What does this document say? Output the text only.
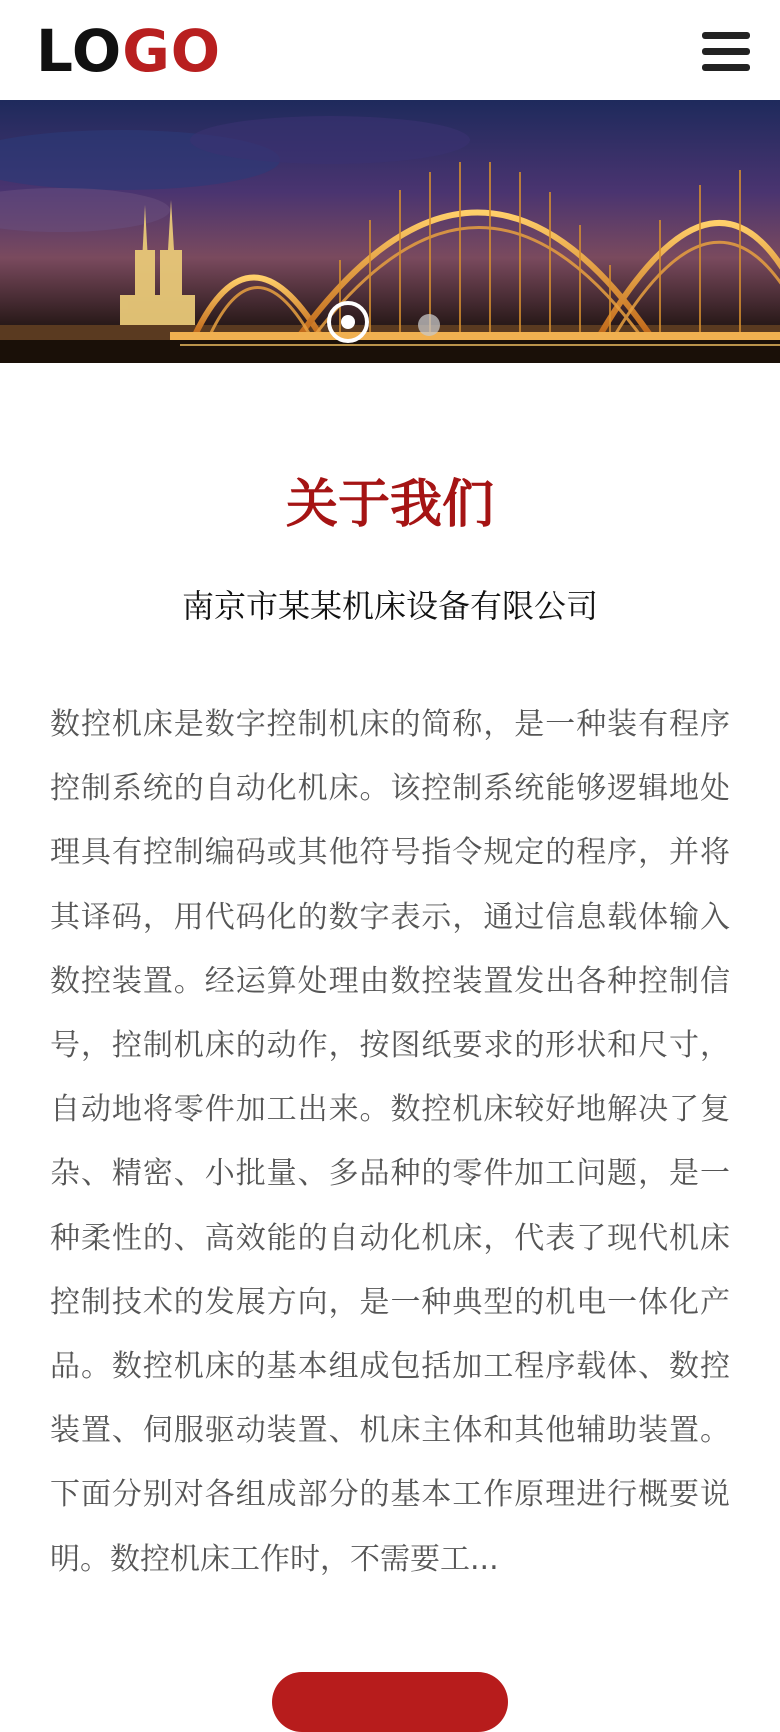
LO GO
关于我们
南京市某某机床设备有限公司
数控机床是数字控制机床的简称，是一种装有程序控制系统的自动化机床。该控制系统能够逻辑地处理具有控制编码或其他符号指令规定的程序，并将其译码，用代码化的数字表示，通过信息载体输入数控装置。经运算处理由数控装置发出各种控制信号，控制机床的动作，按图纸要求的形状和尺寸，自动地将零件加工出来。数控机床较好地解决了复杂、精密、小批量、多品种的零件加工问题，是一种柔性的、高效能的自动化机床，代表了现代机床控制技术的发展方向，是一种典型的机电一体化产品。数控机床的基本组成包括加工程序载体、数控装置、伺服驱动装置、机床主体和其他辅助装置。下面分别对各组成部分的基本工作原理进行概要说明。数控机床工作时，不需要工...
